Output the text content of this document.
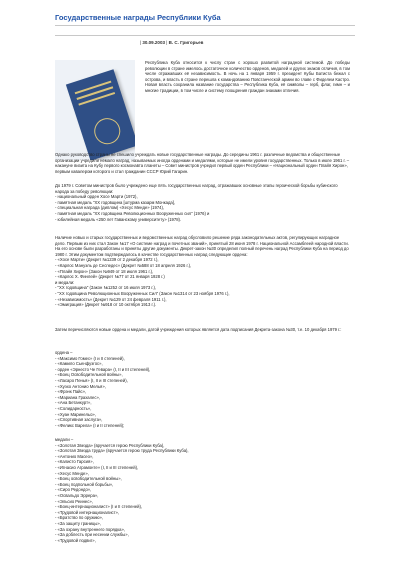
Государственные награды Республики Куба
| 30.09.2003 | В. С. Григорьев
Республика Куба относится к числу стран с хорошо развитой наградной системой. До победы революции в стране имелось достаточное количество орденов, медалей и других знаков отличия, в том числе отражавших её независимость. В ночь на 1 января 1959 г. президент Кубы Батиста бежал с острова, и власть в стране перешла к командованию Повстанческой армии во главе с Фиделем Кастро. Новая власть сохранила название государства – Республика Куба, её символы – герб, флаг, гимн – и многие традиции, в том числе и систему поощрения граждан знаками отличия.

Однако руководство страны не спешило учреждать новые государственные награды. До середины 1961 г. различные ведомства и общественные организации учредили немало наград, называемых иногда орденами и медалями, которые не имели уровня государственных. Только в июле 1961 г. – накануне визита на Кубу первого космонавта планеты – Совет министров учредил первый орден Республики – «Национальный орден Плайя Хирон», первым кавалером которого и стал гражданин СССР Юрий Гагарин.

До 1979 г. Советом министров было учреждено еще пять государственных наград, отражавших основные этапы героической борьбы кубинского народа за победу революции:

- национальный орден Хосе Марти (1972),
- памятная медаль "XX годовщина [штурма казарм Монкада],
- специальная награда (диплом) «Хесус Менде» (1974),
- памятная медаль "XX годовщина Революционных Вооруженных сил" (1976) и
- юбилейная медаль «250 лет Гаванскому университету» (1978).

Наличие новых и старых государственных и ведомственных наград обусловило решение ряда законодательных актов, регулирующих наградное дело. Первым из них стал Закон №17 «О системе наград и почетных званий», принятый 28 июня 1978 г. Национальной Ассамблеей народной власти. На его основе были разработаны и приняты другие документы. Декрет-закон №30 определил полный перечень наград Республики Куба на период до 1980 г. Этим документом подтверждалось в качестве государственных наград следующие ордена:

- «Хосе Марти» (Декрет №1239 от 2 декабря 1972 г.),
- «Карлос Мануэль де Сеспедес» (Декрет №588 от 18 апреля 1926 г.),
- «Плайя Хирон» (Закон №949 от 18 июля 1961 г.),
- «Карлос Х. Финлей» (Декрет №77 от 21 января 1928 г.)
и медали:
- "XX годовщина" (Закон №1252 от 16 июля 1973 г.),
- "XX годовщина Революционных Вооруженных Сил" (Закон №1314 от 23 ноября 1976 г.),
- «Независимость» (Декрет №129 от 24 февраля 1911 г.),
- «Эмиграция» (Декрет №918 от 10 октября 1913 г.).

Затем перечисляются новые ордена и медали, датой учреждения которых является дата подписания Декрета-закона №30, т.е. 10 декабря 1979 г.:

ордена –
- «Максимо Гомес» (I и II степеней),
- «Камило Сьенфуэгос»,
- орден «Эрнесто Че Гевара» (I, II и III степеней),
- «Боец Освободительной войны»,
- «Ласаро Пенья» (I, II и III степеней),
- «Хуэхо Антонио Мелья»,
- «Фрэнк Пайс»,
- «Мариана Грахалес»,
- «Ана Бетанкурт»,
- «Солидарность»,
- «Хуан Маринельо»,
- «Спортивная заслуга»,
- «Феликс Варела» (I и II степеней);
медали –
- «Золотая Звезда» (вручается герою Республики Куба),
- «Золотая Звезда труда» (вручается герою труда Республики Куба),
- «Антонио Масео»,
- «Калисто Гарсия»,
- «Игнасио Аграмонте» (I, II и III степеней),
- «Хесус Менде»,
- «Боец освободительной войны»,
- «Боец подпольной борьбы»,
- «Сиро Редондо»,
- «Освальдо Эррера»,
- «Эльсио Реинес»,
- «Боец-интернационалист» (I и II степеней),
- «Трудовой интернационалист»,
- «Братство по оружию»,
- «За защиту границы»,
- «За охрану внутреннего порядка»,
- «За доблесть при несении службы»,
- «Трудовой подвиг»,
